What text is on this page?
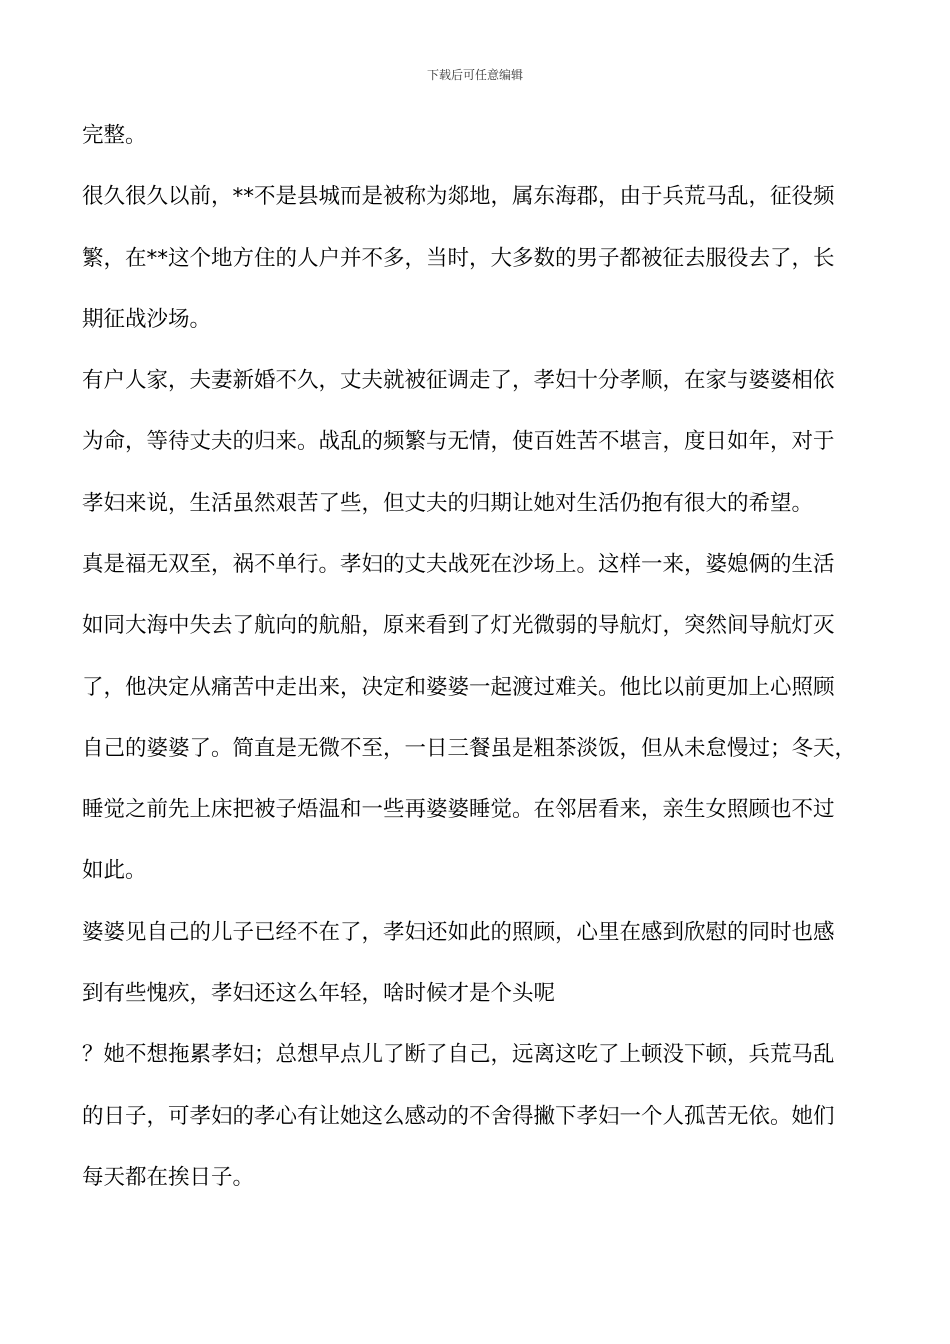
下载后可任意编辑
完整。
很久很久以前，**不是县城而是被称为郯地，属东海郡，由于兵荒马乱，征役频
繁，在**这个地方住的人户并不多，当时，大多数的男子都被征去服役去了，长
期征战沙场。
有户人家，夫妻新婚不久，丈夫就被征调走了，孝妇十分孝顺，在家与婆婆相依
为命，等待丈夫的归来。战乱的频繁与无情，使百姓苦不堪言，度日如年，对于
孝妇来说，生活虽然艰苦了些，但丈夫的归期让她对生活仍抱有很大的希望。
真是福无双至，祸不单行。孝妇的丈夫战死在沙场上。这样一来，婆媳俩的生活
如同大海中失去了航向的航船，原来看到了灯光微弱的导航灯，突然间导航灯灭
了，他决定从痛苦中走出来，决定和婆婆一起渡过难关。他比以前更加上心照顾
自己的婆婆了。简直是无微不至，一日三餐虽是粗茶淡饭，但从未怠慢过；冬天，
睡觉之前先上床把被子焐温和一些再婆婆睡觉。在邻居看来，亲生女照顾也不过
如此。
婆婆见自己的儿子已经不在了，孝妇还如此的照顾，心里在感到欣慰的同时也感
到有些愧疚，孝妇还这么年轻，啥时候才是个头呢
？她不想拖累孝妇；总想早点儿了断了自己，远离这吃了上顿没下顿，兵荒马乱
的日子，可孝妇的孝心有让她这么感动的不舍得撇下孝妇一个人孤苦无依。她们
每天都在挨日子。
